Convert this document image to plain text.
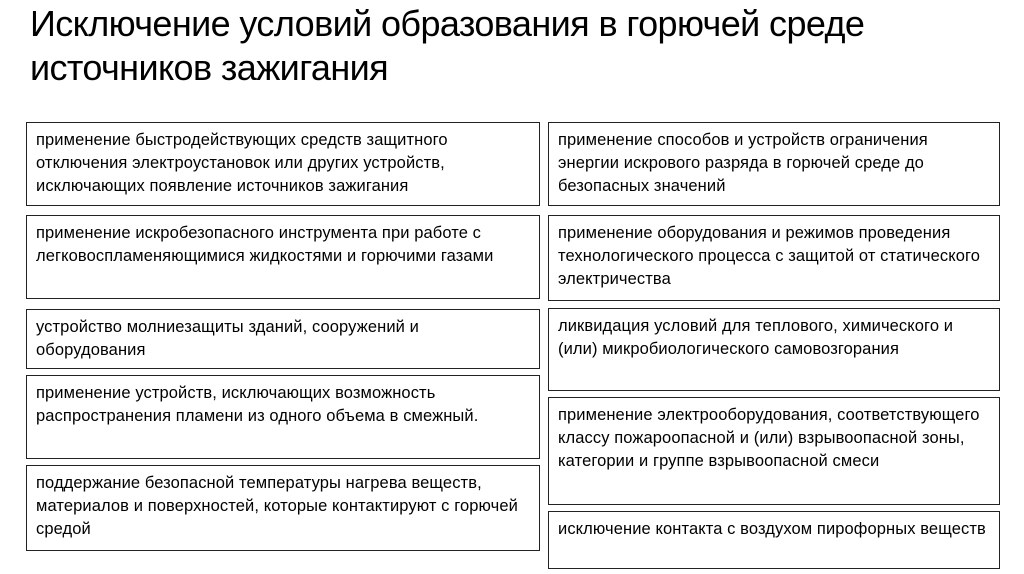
Исключение условий образования в горючей среде источников зажигания
применение быстродействующих средств защитного отключения электроустановок или других устройств, исключающих появление источников зажигания
применение искробезопасного инструмента при работе с легковоспламеняющимися жидкостями и горючими газами
устройство молниезащиты зданий, сооружений и оборудования
применение устройств, исключающих возможность распространения пламени из одного объема в смежный.
поддержание безопасной температуры нагрева веществ, материалов и поверхностей, которые контактируют с горючей средой
применение способов и устройств ограничения энергии искрового разряда в горючей среде до безопасных значений
применение оборудования и режимов проведения технологического процесса с защитой от статического электричества
ликвидация условий для теплового, химического и (или) микробиологического самовозгорания
применение электрооборудования, соответствующего классу пожароопасной и (или) взрывоопасной зоны, категории и группе взрывоопасной смеси
исключение контакта с воздухом пирофорных веществ
